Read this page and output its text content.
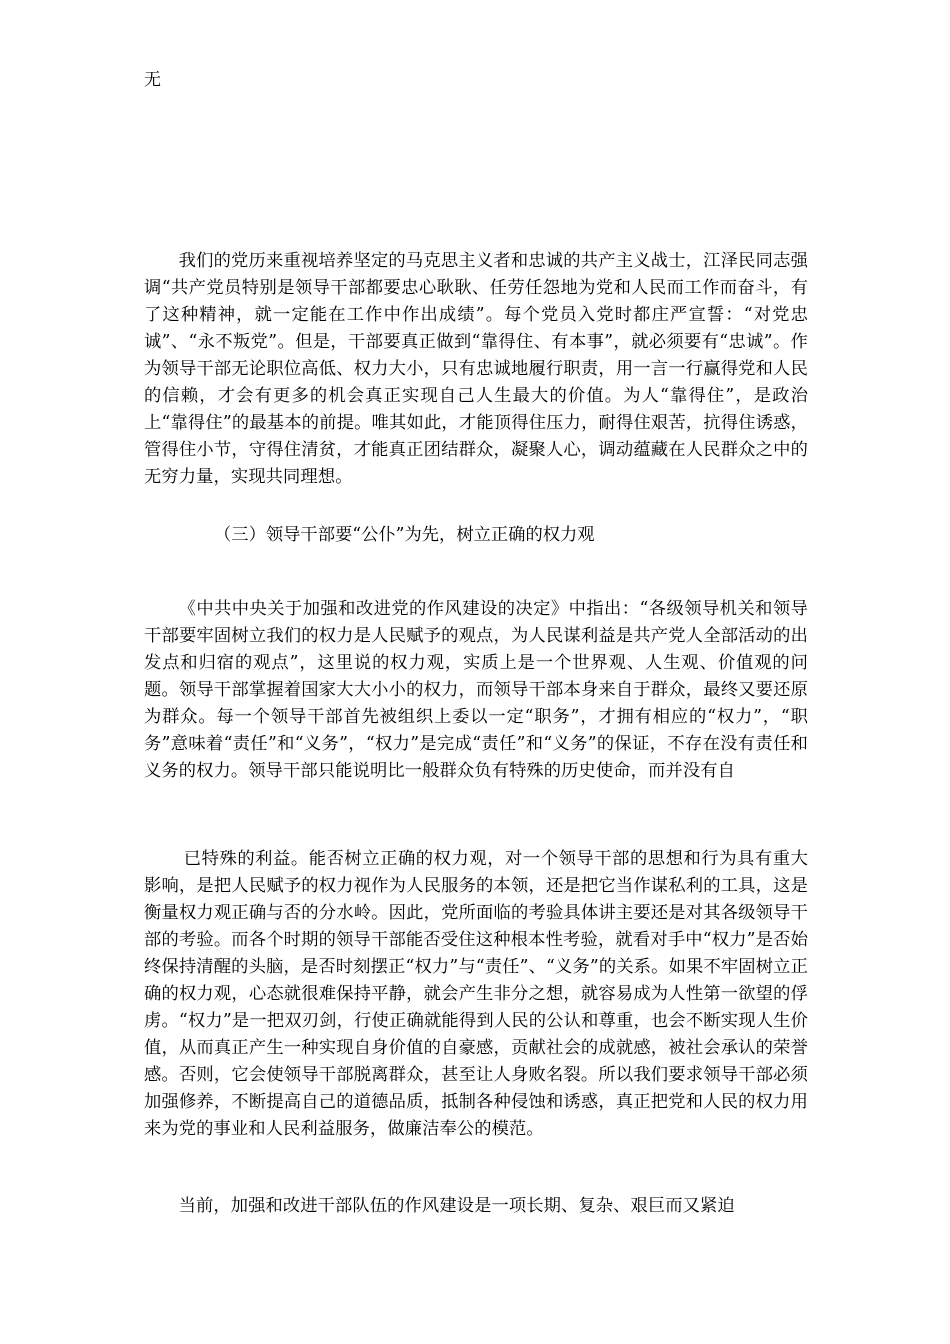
无

我们的党历来重视培养坚定的马克思主义者和忠诚的共产主义战士，江泽民同志强调“共产党员特别是领导干部都要忠心耿耿、任劳任怨地为党和人民而工作而奋斗，有了这种精神，就一定能在工作中作出成绩”。每个党员入党时都庄严宣誓：“对党忠诚”、“永不叛党”。但是，干部要真正做到“靠得住、有本事”，就必须要有“忠诚”。作为领导干部无论职位高低、权力大小，只有忠诚地履行职责，用一言一行赢得党和人民的信赖，才会有更多的机会真正实现自己人生最大的价值。为人“靠得住”，是政治上“靠得住”的最基本的前提。唯其如此，才能顶得住压力，耐得住艰苦，抗得住诱惑，管得住小节，守得住清贫，才能真正团结群众，凝聚人心，调动蕴藏在人民群众之中的无穷力量，实现共同理想。

（三）领导干部要“公仆”为先，树立正确的权力观

《中共中央关于加强和改进党的作风建设的决定》中指出：“各级领导机关和领导干部要牢固树立我们的权力是人民赋予的观点，为人民谋利益是共产党人全部活动的出发点和归宿的观点”，这里说的权力观，实质上是一个世界观、人生观、价值观的问题。领导干部掌握着国家大大小小的权力，而领导干部本身来自于群众，最终又要还原为群众。每一个领导干部首先被组织上委以一定“职务”，才拥有相应的“权力”，“职务”意味着“责任”和“义务”，“权力”是完成“责任”和“义务”的保证，不存在没有责任和义务的权力。领导干部只能说明比一般群众负有特殊的历史使命，而并没有自

已特殊的利益。能否树立正确的权力观，对一个领导干部的思想和行为具有重大影响，是把人民赋予的权力视作为人民服务的本领，还是把它当作谋私利的工具，这是衡量权力观正确与否的分水岭。因此，党所面临的考验具体讲主要还是对其各级领导干部的考验。而各个时期的领导干部能否受住这种根本性考验，就看对手中“权力”是否始终保持清醒的头脑，是否时刻摆正“权力”与“责任”、“义务”的关系。如果不牢固树立正确的权力观，心态就很难保持平静，就会产生非分之想，就容易成为人性第一欲望的俘虏。“权力”是一把双刃剑，行使正确就能得到人民的公认和尊重，也会不断实现人生价值，从而真正产生一种实现自身价值的自豪感，贡献社会的成就感，被社会承认的荣誉感。否则，它会使领导干部脱离群众，甚至让人身败名裂。所以我们要求领导干部必须加强修养，不断提高自己的道德品质，抵制各种侵蚀和诱惑，真正把党和人民的权力用来为党的事业和人民利益服务，做廉洁奉公的模范。

当前，加强和改进干部队伍的作风建设是一项长期、复杂、艰巨而又紧迫
